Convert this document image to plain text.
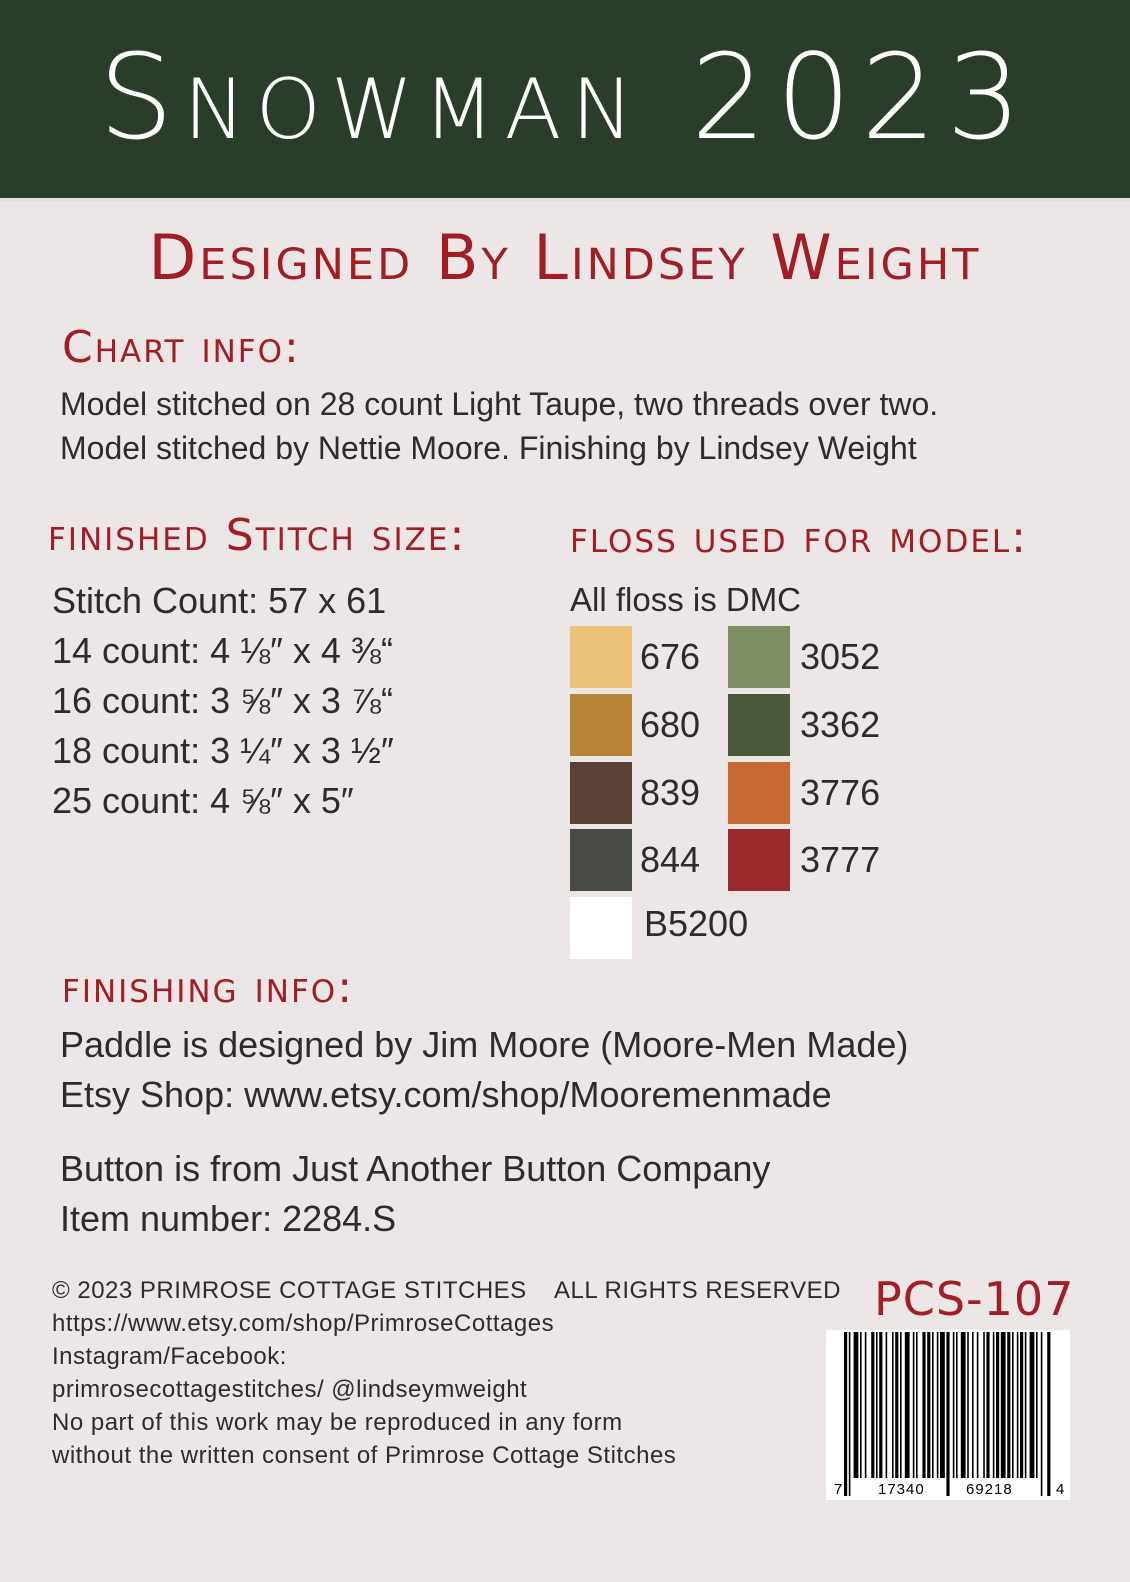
Snowman 2023
Designed By Lindsey Weight
Chart info:
Model stitched on 28 count Light Taupe, two threads over two.
Model stitched by Nettie Moore. Finishing by Lindsey Weight
finished Stitch size:
Stitch Count: 57 x 61
14 count: 4 ⅛″ x 4 ⅜“
16 count: 3 ⅝″ x 3 ⅞“
18 count: 3 ¼″ x 3 ½″
25 count: 4 ⅝″ x 5″
floss used for model:
All floss is DMC
676
680
839
844
B5200
3052
3362
3776
3777
finishing info:
Paddle is designed by Jim Moore (Moore-Men Made)
Etsy Shop: www.etsy.com/shop/Mooremenmade
Button is from Just Another Button Company
Item number: 2284.S
© 2023 PRIMROSE COTTAGE STITCHES    ALL RIGHTS RESERVED
https://www.etsy.com/shop/PrimroseCottages
Instagram/Facebook:
primrosecottagestitches/ @lindseymweight
No part of this work may be reproduced in any form
without the written consent of Primrose Cottage Stitches
PCS-107
7 17340	69218	4
